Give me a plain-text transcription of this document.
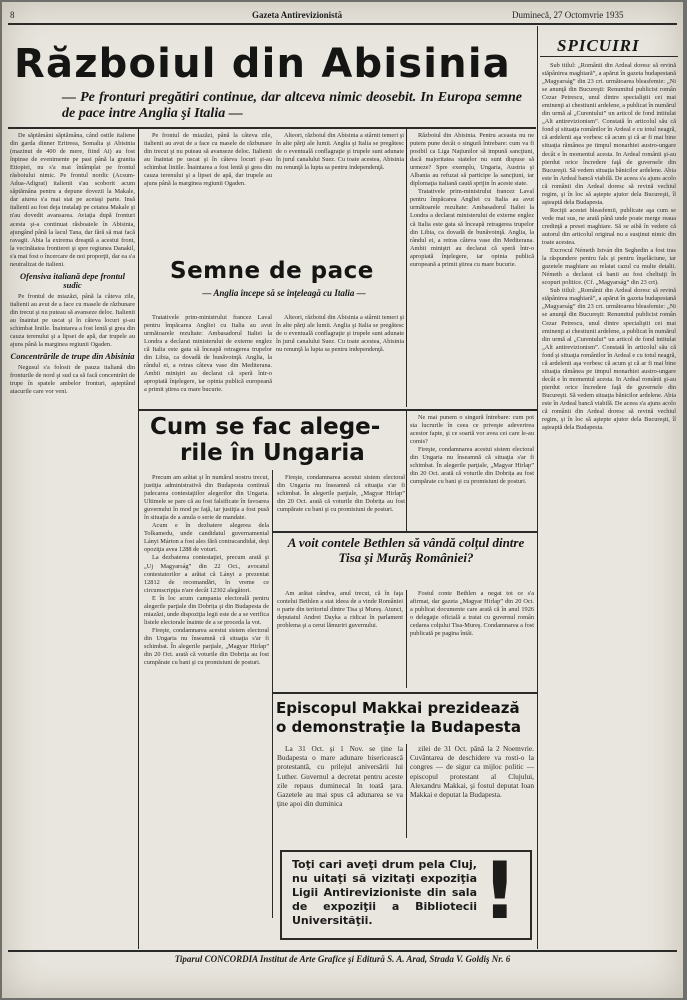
8	Gazeta Antirevizionistă	Duminecă, 27 Octomvrie 1935
Războiul din Abisinia
— Pe fronturi pregătiri continue, dar altceva nimic deosebit. In Europa semne de pace intre Anglia şi Italia —

De săptămâni săptămâna, când ostile italiene din garda dinner Eritreea, Somalia şi Abisinia (mazinut de 400 de mere, fiind Ai) au fost înpinse de evenimente pe pasi până la granita Etiopiei, nu s'a mai întâmplat pe frontul răsboiului nimic. Pe frontul nordic (Acsum-Adua-Adigrat) italienii s'au scoborit acum săptămâna pentru a depune dovezii la Makale, dar aiurea s'a mai stat pe aceiaşi parte. Insă italienii au fost deja instalaţi pe cetatea Makale şi n'au dovedit avansarea. Aviaţia după fronturi acesta şi-a continuat răsboaiele în Abisinia, ajungând până la lacul Tana, dar fără să mai facă ravagii. Abia la extrema dreaptă a acestui front, la vecinătatea frontierei şi spre regiunea Danakil, s'a mai fost o încercare de noi proporţii, dar ea s'a neutralizat de italieni.

Ofensiva italiană depe frontul sudic

Pe frontul de miazăzi, până la câteva zile, italienii au avut de a face cu masele de răzbunare din trecut şi nu puteau să avanseze deloc. Italienii au înaintat pe uscat şi în câteva locuri şi-au schimbat liniile. Înaintarea a fost lentă şi grea din cauza terenului şi a lipsei de apă, dar trupele au ajuns până la marginea regiunii Ogaden.

Concentrările de trupe din Abisinia

Negusul s'a folosit de pauza italiană din fronturile de nord şi sud ca să facă concentrări de trupe în spatele ambelor fronturi, aşteptând atacurile care vor veni.

Pe frontul de miazăzi, până la câteva zile, italienii au avut de a face cu masele de răzbunare din trecut şi nu puteau să avanseze deloc. Italienii au înaintat pe uscat şi în câteva locuri şi-au schimbat liniile. Înaintarea a fost lentă şi grea din cauza terenului şi a lipsei de apă, dar trupele au ajuns până la marginea regiunii Ogaden.

Alteori, războiul din Abisinia a stârnit temeri şi în alte părţi ale lumii. Anglia şi Italia se pregătesc de o eventuală conflagraţie şi trupele sunt adunate în jurul canalului Suez. Cu toate acestea, Abisinia nu renunţă la lupta sa pentru independenţă.

Războiul din Abisinia. Pentru aceasta nu ne putem pune decât o singură întrebare: cum va fi posibil ca Liga Naţiunilor să impună sancţiuni, dacă majoritatea statelor nu sunt dispuse să urmeze? Spre exemplu, Ungaria, Austria şi Albania au refuzat să participe la sancţiuni, iar diplomaţia italiană caută sprijin în aceste state.

Tratativele prim-ministrului francez Laval pentru împăcarea Angliei cu Italia au avut următoarele rezultate: Ambasadorul Italiei la Londra a declarat ministerului de externe englez că Italia este gata să înceapă retragerea trupelor din Libia, ca dovadă de bunăvoinţă. Anglia, la rândul ei, a retras câteva vase din Mediterana. Ambii miniştri au declarat că speră într-o apropiată înţelegere, iar opinia publică europeană a primit ştirea cu mare bucurie.

Semne de pace
— Anglia începe să se înţeleagă cu Italia —

Tratativele prim-ministrului francez Laval pentru împăcarea Angliei cu Italia au avut următoarele rezultate: Ambasadorul Italiei la Londra a declarat ministerului de externe englez că Italia este gata să înceapă retragerea trupelor din Libia, ca dovadă de bunăvoinţă. Anglia, la rândul ei, a retras câteva vase din Mediterana. Ambii miniştri au declarat că speră într-o apropiată înţelegere, iar opinia publică europeană a primit ştirea cu mare bucurie.

Alteori, războiul din Abisinia a stârnit temeri şi în alte părţi ale lumii. Anglia şi Italia se pregătesc de o eventuală conflagraţie şi trupele sunt adunate în jurul canalului Suez. Cu toate acestea, Abisinia nu renunţă la lupta sa pentru independenţă.

Cum se fac alege-
rile în Ungaria

Ne mai punem o singură întrebare: cum pot sta lucrurile în ceea ce priveşte adeverirea acestor fapte, şi ce soartă vor avea cei care le-au comis?

Fireşte, condamnarea acestui sistem electoral din Ungaria nu înseamnă că situaţia s'ar fi schimbat. În alegerile parţiale, „Magyar Hirlap” din 20 Oct. arată că voturile din Dobrița au fost cumpărate cu bani şi cu promisiuni de posturi.

Precum am arătat şi în numărul nostru trecut, justiţia administrativă din Budapesta continuă judecarea contestaţiilor alegerilor din Ungaria. Ultimele se pare că au fost falsificate în favoarea guvernului în mod pe faţă, iar justiţia a fost pusă în situaţia de a anula o serie de mandate.

Acum e în dezbatere alegerea dela Tolkamedu, unde candidatul guvernamental Lányi Márton a fost ales fără contracandidat, deşi opoziţia avea 1288 de voturi.

La dezbaterea contestaţiei, precum arată şi „Uj Magyarság” din 22 Oct., avocatul contestatorilor a arătat că Lányi a prezentat 12812 de recomandări, în vreme ce circumscripţia n'are decât 12302 alegători.

E în loc acum campania electorală pentru alegerile parţiale din Dobrița şi din Budapesta de miazăzi, unde dispoziţia legii este de a se verifica listele electorale înainte de a se proceda la vot.

Fireşte, condamnarea acestui sistem electoral din Ungaria nu înseamnă că situaţia s'ar fi schimbat. În alegerile parţiale, „Magyar Hirlap” din 20 Oct. arată că voturile din Dobrița au fost cumpărate cu bani şi cu promisiuni de posturi.

Fireşte, condamnarea acestui sistem electoral din Ungaria nu înseamnă că situaţia s'ar fi schimbat. În alegerile parţiale, „Magyar Hirlap” din 20 Oct. arată că voturile din Dobrița au fost cumpărate cu bani şi cu promisiuni de posturi.

A voit contele Bethlen să vândă colţul dintre Tisa şi Murăş României?

Am arătat cândva, anul trecut, că în faţa contelui Bethlen a stat ideea de a vinde României o parte din teritoriul dintre Tisa şi Mureş. Atunci, deputatul Andrei Dayka a ridicat în parlament problema şi a cerut lămuriri guvernului.

Fostul conte Bethlen a negat tot ce s'a afirmat, dar gazeta „Magyar Hirlap” din 20 Oct. a publicat documente care arată că în anul 1926 o delegaţie oficială a tratat cu guvernul român cedarea colţului Tisa-Mureş. Condamnarea a fost publicată pe pagina întâi.

Episcopul Makkai prezidează
o demonstraţie la Budapesta

La 31 Oct. şi 1 Nov. se ține la Budapesta o mare adunare bisericească protestantă, cu prilejul aniversării lui Luther. Guvernul a decretat pentru aceste zile repaus duminecal în toată ţara. Gazetele au mai spus că adunarea se va ţine apoi din duminica

zilei de 31 Oct. până la 2 Noemvrie. Cuvântarea de deschidere va rosti-o la congres — de sigur ca mijloc politic — episcopul protestant al Clujului, Alexandru Makkai, şi fostul deputat Ioan Makkai e deputat la Budapesta.

Toţi cari aveţi drum pela Cluj, nu uitaţi să vizitaţi expoziţia Ligii Antirevizioniste din sala de expoziţii a Bibliotecii Universităţii.	!
SPICUIRI

Sub titlul: „Românii din Ardeal doresc să revină stăpânirea maghiară”, a apărut în gazeta budapestană „Magyarság” din 23 crt. următoarea bleasfemie: „Ni se anunţă din Bucureşti: Renumitul publicist român Cezar Petrescu, unul dintre specialiştii cei mai eminenţi ai chestiunii ardelene, a publicat în numărul din urmă al „Curentului” un articol de fond intitulat „Alt antirevizionism”. Constată în articolul său că fond şi situaţia românilor în Ardeal e cu totul neagră, că ardelenii aşa vorbesc că acum şi că ar fi mai bine situaţia rămânea pe timpul monarhiei austro-ungare decât e în momentul acesta. In Ardeal românii şi-au pierdut orice încredere faţă de guvernele din Bucureşti. Să vedem situaţia bănicilor ardelene. Abia este în Ardeal bancă viabilă. De aceea s'a ajuns acolo că românii din Ardeal doresc să revină vechiul regim, şi în loc să aştepte ajutor dela Bucureşti, îl aşteaptă dela Budapesta.

Reciţii acestei bleasfemii, publicate aşa cum se vede mai sus, ne arată până unde poate merge reaua credinţă a presei maghiare. Să se aibă în vedere că autorul din articolul original nu a susţinut nimic din toate acestea.

Excrocul Németh István din Seghedin a fost tras la răspundere pentru fals şi pentru înşelăciune, iar gazetele maghiare au relatat cazul cu multe detalii. Németh a declarat că banii au fost cheltuiţi în scopuri politice. (Cf. „Magyarság” din 23 crt).

Sub titlul: „Românii din Ardeal doresc să revină stăpânirea maghiară”, a apărut în gazeta budapestană „Magyarság” din 23 crt. următoarea bleasfemie: „Ni se anunţă din Bucureşti: Renumitul publicist român Cezar Petrescu, unul dintre specialiştii cei mai eminenţi ai chestiunii ardelene, a publicat în numărul din urmă al „Curentului” un articol de fond intitulat „Alt antirevizionism”. Constată în articolul său că fond şi situaţia românilor în Ardeal e cu totul neagră, că ardelenii aşa vorbesc că acum şi că ar fi mai bine situaţia rămânea pe timpul monarhiei austro-ungare decât e în momentul acesta. In Ardeal românii şi-au pierdut orice încredere faţă de guvernele din Bucureşti. Să vedem situaţia bănicilor ardelene. Abia este în Ardeal bancă viabilă. De aceea s'a ajuns acolo că românii din Ardeal doresc să revină vechiul regim, şi în loc să aştepte ajutor dela Bucureşti, îl aşteaptă dela Budapesta.

Tiparul CONCORDIA Institut de Arte Grafice şi Editură S. A. Arad, Strada V. Goldiş Nr. 6
